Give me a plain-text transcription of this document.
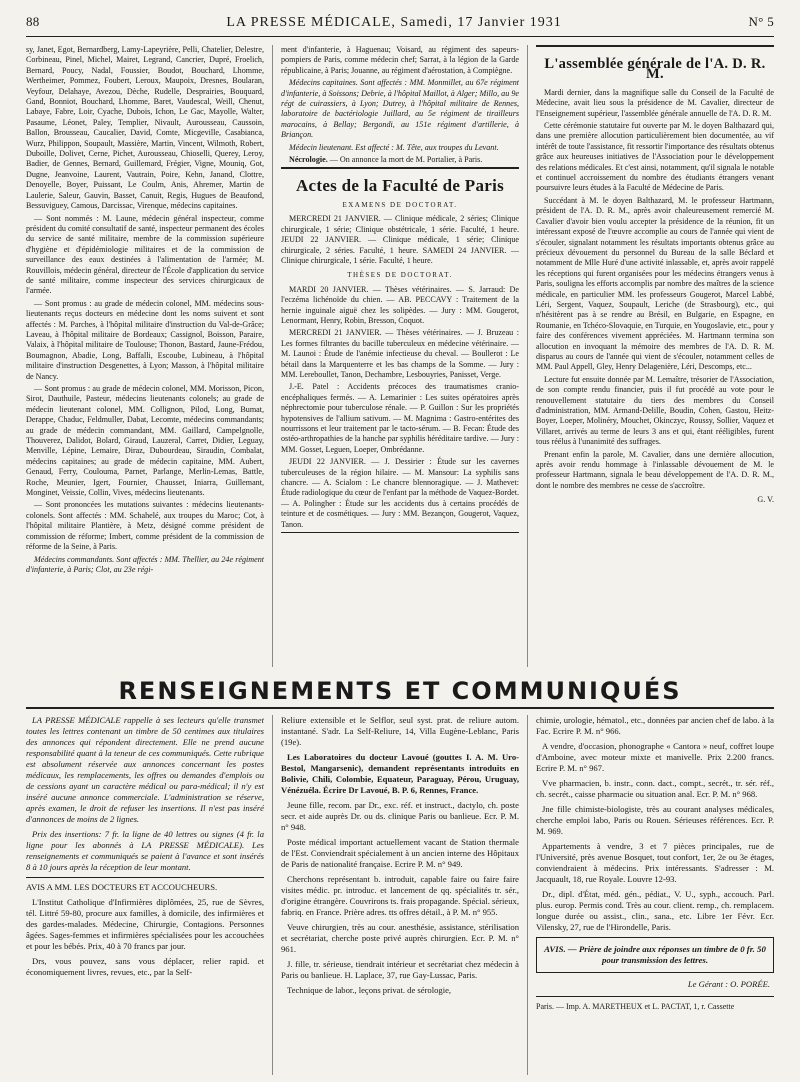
88	LA PRESSE MÉDICALE, Samedi, 17 Janvier 1931	N° 5

sy, Janet, Egot, Bernardberg, Lamy-Lapeyrière, Pelli, Chatelier, Delestre, Corbineau, Pinel, Michel, Mairet, Legrand, Cancrier, Dupré, Froelich, Bernard, Poucy, Nadal, Foussier, Boudot, Bouchard, Lhomme, Wertheimer, Pommez, Foubert, Leroux, Maupoix, Dresnes, Boularan, Veyfour, Delahaye, Avezou, Dèche, Rudelle, Desprairies, Bouquard, Gand, Bonniot, Bouchard, Lhomme, Baret, Vaudescal, Weill, Chenut, Labaye, Fabre, Loir, Cyache, Dubois, Ichon, Le Gac, Mayolle, Walter, Pasaume, Léonet, Paley, Templier, Nivault, Aurousseau, Caussoin, Ballon, Brousseau, Caucalier, David, Comte, Micgeville, Casabianca, Wurz, Philippon, Soupault, Massière, Martin, Vincent, Wilmoth, Robert, Duboille, Dolivet, Cerne, Pichet, Aurousseau, Chioselli, Querey, Leroy, Badier, de Gennes, Bernard, Guillemard, Frégier, Vigne, Mouniq, Got, Dugne, Jeanvoine, Laurent, Vautrain, Poire, Kehn, Janand, Clottre, Denoyelle, Boyer, Puissant, Le Coulm, Anis, Ahremer, Martin de Laulerie, Saleur, Gauvin, Basset, Canuit, Regis, Hugues de Beaufond, Bessuviguey, Camous, Darcissac, Virenque, médecins capitaines.

— Sont nommés : M. Laune, médecin général inspecteur, comme président du comité consultatif de santé, inspecteur permanent des écoles du service de santé militaire, membre de la commission supérieure d'hygiène et d'épidémiologie militaires et de la commission de surveillance des eaux destinées à l'alimentation de l'armée; M. Rouvillois, médecin général, directeur de l'École d'application du service de santé militaire, comme inspecteur des services chirurgicaux de l'armée.

— Sont promus : au grade de médecin colonel, MM. médecins sous-lieutenants reçus docteurs en médecine dont les noms suivent et sont affectés : M. Parches, à l'hôpital militaire d'instruction du Val-de-Grâce; Laveau, à l'hôpital militaire de Bordeaux; Cassignol, Boisson, Paraire, Valaix, à l'hôpital militaire de Toulouse; Thonon, Bastard, Jaune-Frédou, Boumagnon, Abadie, Long, Baffalli, Escoube, Lubineau, à l'hôpital militaire d'instruction Desgenettes, à Lyon; Masson, à l'hôpital militaire de Nancy.

— Sont promus : au grade de médecin colonel, MM. Morisson, Picon, Sirot, Dauthuile, Pasteur, médecins lieutenants colonels; au grade de médecin lieutenant colonel, MM. Collignon, Pilod, Long, Bumat, Derappe, Chaduc, Feldmuller, Dabat, Lecomte, médecins commandants; au grade de médecin commandant, MM. Gaillard, Campelgnolle, Thouverez, Dalidot, Bolard, Giraud, Lauzeral, Carret, Didier, Leguay, Menville, Lépine, Lemaire, Diraz, Dubourdeau, Siraudin, Combalat, médecins capitaines; au grade de médecin capitaine, MM. Aubert, Genaud, Ferry, Coulouma, Parnet, Parlange, Merlin-Lemas, Battle, Roche, Meunier, Igert, Fournier, Chausset, Iniarra, Guillemant, Monginet, Veissie, Collin, Vives, médecins lieutenants.

— Sont prononcées les mutations suivantes : médecins lieutenants-colonels. Sont affectés : MM. Schahelé, aux troupes du Maroc; Cot, à l'hôpital militaire Plantière, à Metz, désigné comme président de commission de réforme; Imbert, comme président de la commission de réforme de la Seine, à Paris.

Médecins commandants. Sont affectés : MM. Thellier, au 24e régiment d'infanterie, à Paris; Clot, au 23e régi-

ment d'infanterie, à Haguenau; Voisard, au régiment des sapeurs-pompiers de Paris, comme médecin chef; Sarrat, à la légion de la Garde républicaine, à Paris; Jouanne, au régiment d'aérostation, à Compiègne.

Médecins capitaines. Sont affectés : MM. Monmillet, au 67e régiment d'infanterie, à Soissons; Debrie, à l'hôpital Maillot, à Alger; Millo, au 9e régt de cuirassiers, à Lyon; Dutrey, à l'hôpital militaire de Rennes, laboratoire de bactériologie Juillard, au 5e régiment de tirailleurs marocains, à Bellay; Bergondi, au 151e régiment d'artillerie, à Briançon.

Médecin lieutenant. Est affecté : M. Tête, aux troupes du Levant.

Nécrologie. — On annonce la mort de M. Portalier, à Paris.

Actes de la Faculté de Paris
EXAMENS DE DOCTORAT.

MERCREDI 21 JANVIER. — Clinique médicale, 2 séries; Clinique chirurgicale, 1 série; Clinique obstétricale, 1 série. Faculté, 1 heure. JEUDI 22 JANVIER. — Clinique médicale, 1 série; Clinique chirurgicale, 2 séries. Faculté, 1 heure. SAMEDI 24 JANVIER. — Clinique chirurgicale, 1 série. Faculté, 1 heure.

THÈSES DE DOCTORAT.

MARDI 20 JANVIER. — Thèses vétérinaires. — S. Jarraud: De l'eczéma lichénoïde du chien. — AB. PECCAVY : Traitement de la hernie inguinale aiguë chez les solipèdes. — Jury : MM. Gougerot, Lenormant, Henry, Robin, Bresson, Coquot.

MERCREDI 21 JANVIER. — Thèses vétérinaires. — J. Bruzeau : Les formes filtrantes du bacille tuberculeux en médecine vétérinaire. — M. Launoi : Étude de l'anémie infectieuse du cheval. — Boullerot : Le bétail dans la Marquenterre et les bas champs de la Somme. — Jury : MM. Lereboullet, Tanon, Dechambre, Lesbouyries, Panisset, Verge.

J.-E. Patel : Accidents précoces des traumatismes cranio-encéphaliques fermés. — A. Lemarinier : Les suites opératoires après néphrectomie pour tuberculose rénale. — P. Guillon : Sur les propriétés hypotensives de l'allium sativum. — M. Magnima : Gastro-entérites des nourrissons et leur traitement par le tacto-sérum. — B. Fecan: Étude des ostéo-arthropathies de la hanche par syphilis héréditaire tardive. — Jury : MM. Gosset, Leguen, Loeper, Ombrédanne.

JEUDI 22 JANVIER. — J. Dessirier : Étude sur les cavernes tuberculeuses de la région hilaire. — M. Mansour: La syphilis sans chancre. — A. Scialom : Le chancre blennoragique. — J. Mathevet: Étude radiologique du cœur de l'enfant par la méthode de Vaquez-Bordet. — A. Polingher : Étude sur les accidents dus à certains procédés de teinture et de cosmétiques. — Jury : MM. Bezançon, Gougerot, Vaquez, Tanon.

L'assemblée générale de l'A. D. R. M.

Mardi dernier, dans la magnifique salle du Conseil de la Faculté de Médecine, avait lieu sous la présidence de M. Cavalier, directeur de l'Enseignement supérieur, l'assemblée générale annuelle de l'A. D. R. M.

Cette cérémonie statutaire fut ouverte par M. le doyen Balthazard qui, dans une première allocution particulièrement bien documentée, au vif intérêt de toute l'assistance, fit ressortir l'importance des résultats obtenus grâce aux heureuses initiatives de l'Association pour le développement des relations médicales. Et c'est ainsi, notamment, qu'il signala le notable et continuel accroissement du nombre des étudiants étrangers venant poursuivre leurs études à la Faculté de Médecine de Paris.

Succédant à M. le doyen Balthazard, M. le professeur Hartmann, président de l'A. D. R. M., après avoir chaleureusement remercié M. Cavalier d'avoir bien voulu accepter la présidence de la réunion, fit un intéressant exposé de l'œuvre accomplie au cours de l'année qui vient de s'écouler, signalant notamment les résultats importants obtenus grâce au précieux dévouement du personnel du Bureau de la salle Béclard et notamment de Mlle Huré d'une activité inlassable, et, après avoir rappelé les réceptions qui furent organisées pour les médecins étrangers venus à Paris, souligna les efforts accomplis par nombre des maîtres de la science médicale, en particulier MM. les professeurs Gougerot, Marcel Labbé, Léri, Sergent, Vaquez, Soupault, Leriche (de Strasbourg), etc., qui n'hésitèrent pas à se rendre au Brésil, en Bulgarie, en Espagne, en Roumanie, en Tchéco-Slovaquie, en Turquie, en Yougoslavie, etc., pour y faire des conférences vivement appréciées. M. Hartmann termina son allocution en invoquant la mémoire des membres de l'A. D. R. M. disparus au cours de l'année qui vient de s'écouler, notamment celles de MM. Paul Appell, Gley, Henry Delagenière, Léri, Descomps, etc...

Lecture fut ensuite donnée par M. Lemaître, trésorier de l'Association, de son compte rendu financier, puis il fut procédé au vote pour le renouvellement statutaire du tiers des membres du Conseil d'administration, MM. Armand-Delille, Boudin, Cohen, Gastou, Heitz-Boyer, Loeper, Molinéry, Mouchet, Okinczyc, Roussy, Sollier, Vaquez et Villaret, arrivés au terme de leurs 3 ans et qui, étant rééligibles, furent tous réélus à l'unanimité des suffrages.

Prenant enfin la parole, M. Cavalier, dans une dernière allocution, après avoir rendu hommage à l'inlassable dévouement de M. le professeur Hartmann, signala le beau développement de l'A. D. R. M., dont le nombre des membres ne cesse de s'accroître.

G. V.
RENSEIGNEMENTS ET COMMUNIQUÉS

LA PRESSE MÉDICALE rappelle à ses lecteurs qu'elle transmet toutes les lettres contenant un timbre de 50 centimes aux titulaires des annonces qui répondent directement. Elle ne prend aucune responsabilité quant à la teneur de ces communiqués. Cette rubrique est absolument réservée aux annonces concernant les postes médicaux, les remplacements, les offres ou demandes d'emplois ou de cessions ayant un caractère médical ou para-médical; il n'y est inséré aucune annonce commerciale. L'administration se réserve, après examen, le droit de refuser les insertions. Il n'est pas inséré d'annonces de moins de 2 lignes.

Prix des insertions: 7 fr. la ligne de 40 lettres ou signes (4 fr. la ligne pour les abonnés à LA PRESSE MÉDICALE). Les renseignements et communiqués se paient à l'avance et sont insérés 8 à 10 jours après la réception de leur montant.

AVIS A MM. LES DOCTEURS ET ACCOUCHEURS.

L'Institut Catholique d'Infirmières diplômées, 25, rue de Sèvres, tél. Littré 59-80, procure aux familles, à domicile, des infirmières et des gardes-malades. Médecine, Chirurgie, Contagions. Personnes âgées. Sages-femmes et infirmières spécialisées pour les accouchées et pour les bébés. Prix, 40 à 70 francs par jour.

Drs, vous pouvez, sans vous déplacer, relier rapid. et économiquement livres, revues, etc., par la Self-

Reliure extensible et le Selflor, seul syst. prat. de reliure autom. instantané. S'adr. La Self-Reliure, 14, Villa Eugène-Leblanc, Paris (19e).

Les Laboratoires du docteur Lavoué (gouttes I. A. M. Uro-Bestol, Mangarsenic), demandent représentants introduits en Bolivie, Chili, Colombie, Equateur, Paraguay, Pérou, Uruguay, Vénézuéla. Écrire Dr Lavoué, B. P. 6, Rennes, France.

Jeune fille, recom. par Dr., exc. réf. et instruct., dactylo, ch. poste secr. et aide auprès Dr. ou ds. clinique Paris ou banlieue. Ecr. P. M. n° 948.

Poste médical important actuellement vacant de Station thermale de l'Est. Conviendrait spécialement à un ancien interne des Hôpitaux de Paris de nationalité française. Ecrire P. M. n° 949.

Cherchons représentant b. introduit, capable faire ou faire faire visites médic. pr. introduc. et lancement de qq. spécialités tr. sér., d'origine étrangère. Couvrirons ts. frais propagande. Spécial. sérieux, fabriq. en France. Prière adres. tts offres détail., à P. M. n° 955.

Veuve chirurgien, très au cour. anesthésie, assistance, stérilisation et secrétariat, cherche poste privé auprès chirurgien. Ecr. P. M. n° 961.

J. fille, tr. sérieuse, tiendrait intérieur et secrétariat chez médecin à Paris ou banlieue. H. Laplace, 37, rue Gay-Lussac, Paris.

Technique de labor., leçons privat. de sérologie,

chimie, urologie, hématol., etc., données par ancien chef de labo. à la Fac. Ecrire P. M. n° 966.

A vendre, d'occasion, phonographe « Cantora » neuf, coffret loupe d'Amboine, avec moteur mixte et manivelle. Prix 2.200 francs. Ecrire P. M. n° 967.

Vve pharmacien, b. instr., conn. dact., compt., secrét., tr. sér. réf., ch. secrét., caisse pharmacie ou situation anal. Ecr. P. M. n° 968.

Jne fille chimiste-biologiste, très au courant analyses médicales, cherche emploi labo, Paris ou Rouen. Sérieuses références. Ecr. P. M. 969.

Appartements à vendre, 3 et 7 pièces principales, rue de l'Université, près avenue Bosquet, tout confort, 1er, 2e ou 3e étages, conviendraient à médecins. Prix intéressants. S'adresser : M. Jacquault, 18, rue Royale. Louvre 12-93.

Dr., dipl. d'État, méd. gén., pédiat., V. U., syph., accouch. Parl. plus. europ. Permis cond. Très au cour. client. remp., ch. remplacem. longue durée ou assist., clin., sana., etc. Libre 1er Févr. Ecr. Vilensky, 27, rue de l'Hirondelle, Paris.

AVIS. — Prière de joindre aux réponses un timbre de 0 fr. 50 pour transmission des lettres.
Le Gérant : O. PORÉE.
Paris. — Imp. A. MARETHEUX et L. PACTAT, 1, r. Cassette
